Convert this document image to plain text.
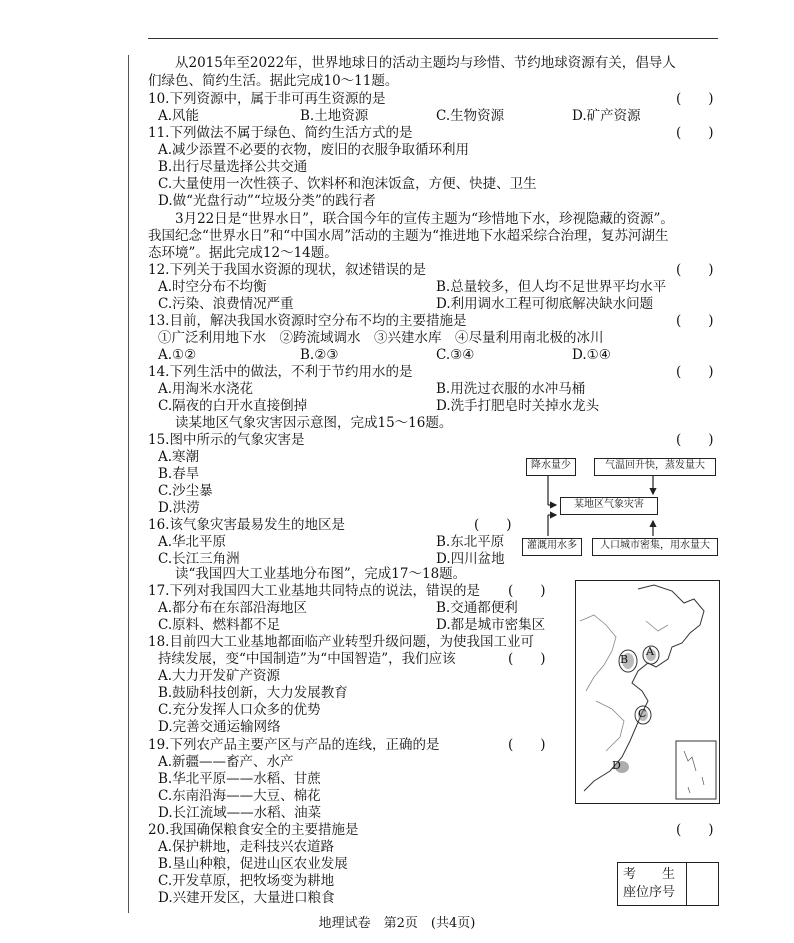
　　从2015年至2022年，世界地球日的活动主题均与珍惜、节约地球资源有关，倡导人
们绿色、简约生活。据此完成10～11题。
10.下列资源中，属于非可再生资源的是	(　　)
A.风能	B.土地资源	C.生物资源	D.矿产资源
11.下列做法不属于绿色、简约生活方式的是	(　　)
A.减少添置不必要的衣物，废旧的衣服争取循环利用
B.出行尽量选择公共交通
C.大量使用一次性筷子、饮料杯和泡沫饭盒，方便、快捷、卫生
D.做“光盘行动”“垃圾分类”的践行者
　　3月22日是“世界水日”，联合国今年的宣传主题为“珍惜地下水，珍视隐藏的资源”。
我国纪念“世界水日”和“中国水周”活动的主题为“推进地下水超采综合治理，复苏河湖生
态环境”。据此完成12～14题。
12.下列关于我国水资源的现状，叙述错误的是	(　　)
A.时空分布不均衡	B.总量较多，但人均不足世界平均水平
C.污染、浪费情况严重	D.利用调水工程可彻底解决缺水问题
13.目前，解决我国水资源时空分布不均的主要措施是	(　　)
①广泛利用地下水　②跨流域调水　③兴建水库　④尽量利用南北极的冰川
A.①②	B.②③	C.③④	D.①④
14.下列生活中的做法，不利于节约用水的是	(　　)
A.用淘米水浇花	B.用洗过衣服的水冲马桶
C.隔夜的白开水直接倒掉	D.洗手打肥皂时关掉水龙头
　　读某地区气象灾害因示意图，完成15～16题。
15.图中所示的气象灾害是	(　　)
A.寒潮
B.春旱
C.沙尘暴
D.洪涝
降水量少	气温回升快，蒸发量大
某地区气象灾害
灌溉用水多	人口城市密集，用水量大
16.该气象灾害最易发生的地区是	(　　)
A.华北平原	B.东北平原
C.长江三角洲	D.四川盆地
　　读“我国四大工业基地分布图”，完成17～18题。
17.下列对我国四大工业基地共同特点的说法，错误的是 (　　)
A.都分布在东部沿海地区	B.交通都便利
C.原料、燃料都不足	D.都是城市密集区
18.目前四大工业基地都面临产业转型升级问题，为使我国工业可
持续发展，变“中国制造”为“中国智造”，我们应该	(　　)
A.大力开发矿产资源
B.鼓励科技创新，大力发展教育
C.充分发挥人口众多的优势
D.完善交通运输网络
B
A
C
D
19.下列农产品主要产区与产品的连线，正确的是	(　　)
A.新疆——畜产、水产
B.华北平原——水稻、甘蔗
C.东南沿海——大豆、棉花
D.长江流域——水稻、油菜
20.我国确保粮食安全的主要措施是	(　　)
A.保护耕地，走科技兴农道路
B.垦山种粮，促进山区农业发展
C.开发草原，把牧场变为耕地
D.兴建开发区，大量进口粮食
考　　生
座位序号
地理试卷　第2页　(共4页)
